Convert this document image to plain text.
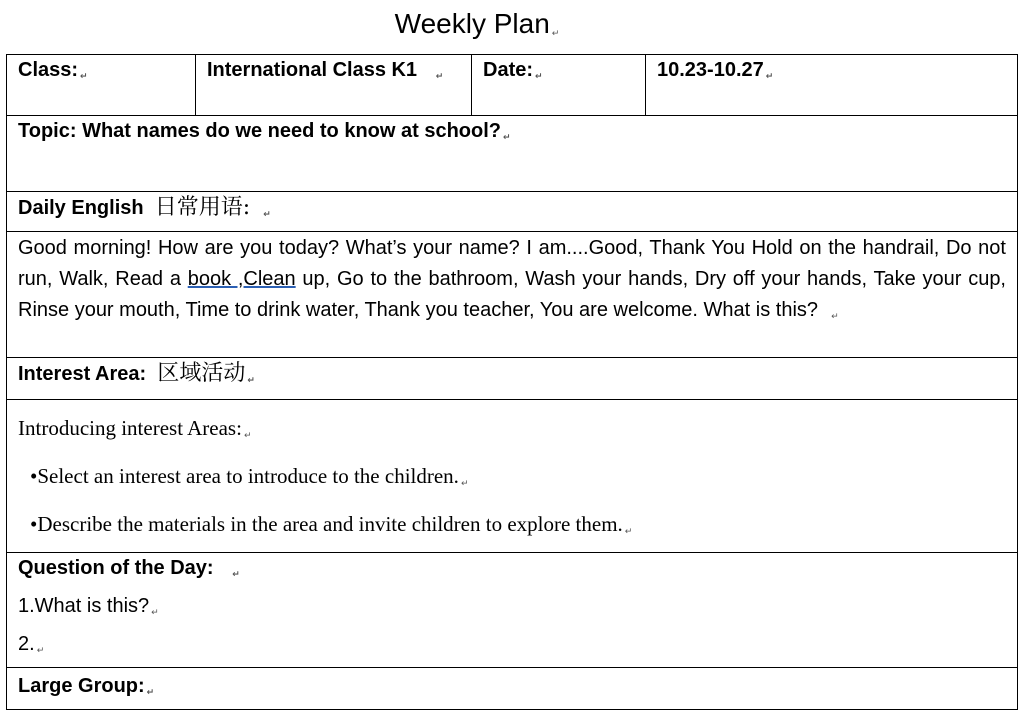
Weekly Plan ↵
Class: ↵	International Class K1 ↵	Date: ↵	10.23-10.27 ↵
Topic: What names do we need to know at school? ↵
Daily English 日常用语: ↵
Good morning! How are you today? What’s your name? I am....Good, Thank You Hold on the handrail, Do not run, Walk, Read a book ,Clean up, Go to the bathroom, Wash your hands, Dry off your hands, Take your cup, Rinse your mouth, Time to drink water, Thank you teacher, You are welcome. What is this? ↵
Interest Area: 区域活动 ↵

Introducing interest Areas: ↵
•Select an interest area to introduce to the children. ↵
•Describe the materials in the area and invite children to explore them. ↵

Question of the Day: ↵
1.What is this? ↵
2. ↵

Large Group: ↵
